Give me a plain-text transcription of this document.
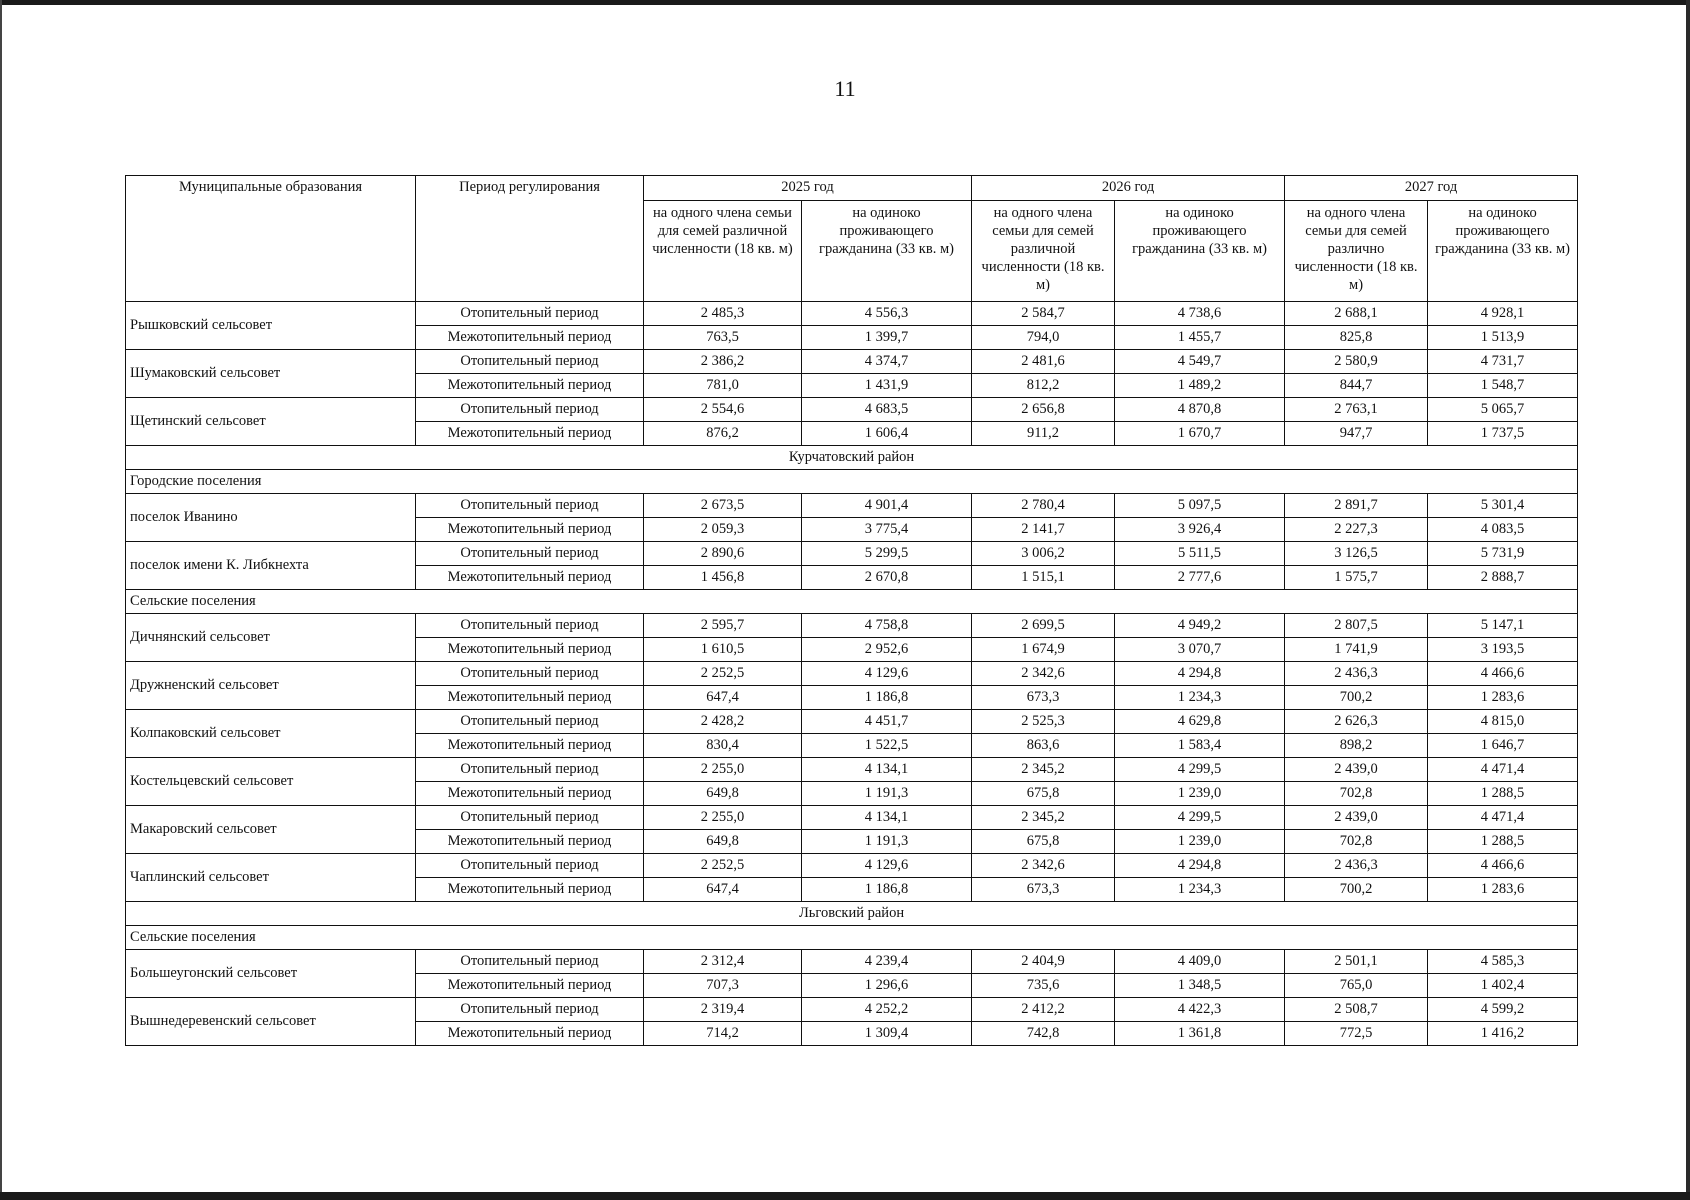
11
Муниципальные образования	Период регулирования	2025 год		2026 год		2027 год	
		на одного члена семьи для семей различной численности (18 кв. м)	на одиноко проживающего гражданина (33 кв. м)	на одного члена семьи для семей различной численности (18 кв. м)	на одиноко проживающего гражданина (33 кв. м)	на одного члена семьи для семей различно численности (18 кв. м)	на одиноко проживающего гражданина (33 кв. м)
Рышковский сельсовет	Отопительный период	2 485,3	4 556,3	2 584,7	4 738,6	2 688,1	4 928,1
	Межотопительный период	763,5	1 399,7	794,0	1 455,7	825,8	1 513,9
Шумаковский сельсовет	Отопительный период	2 386,2	4 374,7	2 481,6	4 549,7	2 580,9	4 731,7
	Межотопительный период	781,0	1 431,9	812,2	1 489,2	844,7	1 548,7
Щетинский сельсовет	Отопительный период	2 554,6	4 683,5	2 656,8	4 870,8	2 763,1	5 065,7
	Межотопительный период	876,2	1 606,4	911,2	1 670,7	947,7	1 737,5
Курчатовский район							
Городские поселения							
поселок Иванино	Отопительный период	2 673,5	4 901,4	2 780,4	5 097,5	2 891,7	5 301,4
	Межотопительный период	2 059,3	3 775,4	2 141,7	3 926,4	2 227,3	4 083,5
поселок имени К. Либкнехта	Отопительный период	2 890,6	5 299,5	3 006,2	5 511,5	3 126,5	5 731,9
	Межотопительный период	1 456,8	2 670,8	1 515,1	2 777,6	1 575,7	2 888,7
Сельские поселения							
Дичнянский сельсовет	Отопительный период	2 595,7	4 758,8	2 699,5	4 949,2	2 807,5	5 147,1
	Межотопительный период	1 610,5	2 952,6	1 674,9	3 070,7	1 741,9	3 193,5
Дружненский сельсовет	Отопительный период	2 252,5	4 129,6	2 342,6	4 294,8	2 436,3	4 466,6
	Межотопительный период	647,4	1 186,8	673,3	1 234,3	700,2	1 283,6
Колпаковский сельсовет	Отопительный период	2 428,2	4 451,7	2 525,3	4 629,8	2 626,3	4 815,0
	Межотопительный период	830,4	1 522,5	863,6	1 583,4	898,2	1 646,7
Костельцевский сельсовет	Отопительный период	2 255,0	4 134,1	2 345,2	4 299,5	2 439,0	4 471,4
	Межотопительный период	649,8	1 191,3	675,8	1 239,0	702,8	1 288,5
Макаровский сельсовет	Отопительный период	2 255,0	4 134,1	2 345,2	4 299,5	2 439,0	4 471,4
	Межотопительный период	649,8	1 191,3	675,8	1 239,0	702,8	1 288,5
Чаплинский сельсовет	Отопительный период	2 252,5	4 129,6	2 342,6	4 294,8	2 436,3	4 466,6
	Межотопительный период	647,4	1 186,8	673,3	1 234,3	700,2	1 283,6
Льговский район							
Сельские поселения							
Большеугонский сельсовет	Отопительный период	2 312,4	4 239,4	2 404,9	4 409,0	2 501,1	4 585,3
	Межотопительный период	707,3	1 296,6	735,6	1 348,5	765,0	1 402,4
Вышнедеревенский сельсовет	Отопительный период	2 319,4	4 252,2	2 412,2	4 422,3	2 508,7	4 599,2
	Межотопительный период	714,2	1 309,4	742,8	1 361,8	772,5	1 416,2
